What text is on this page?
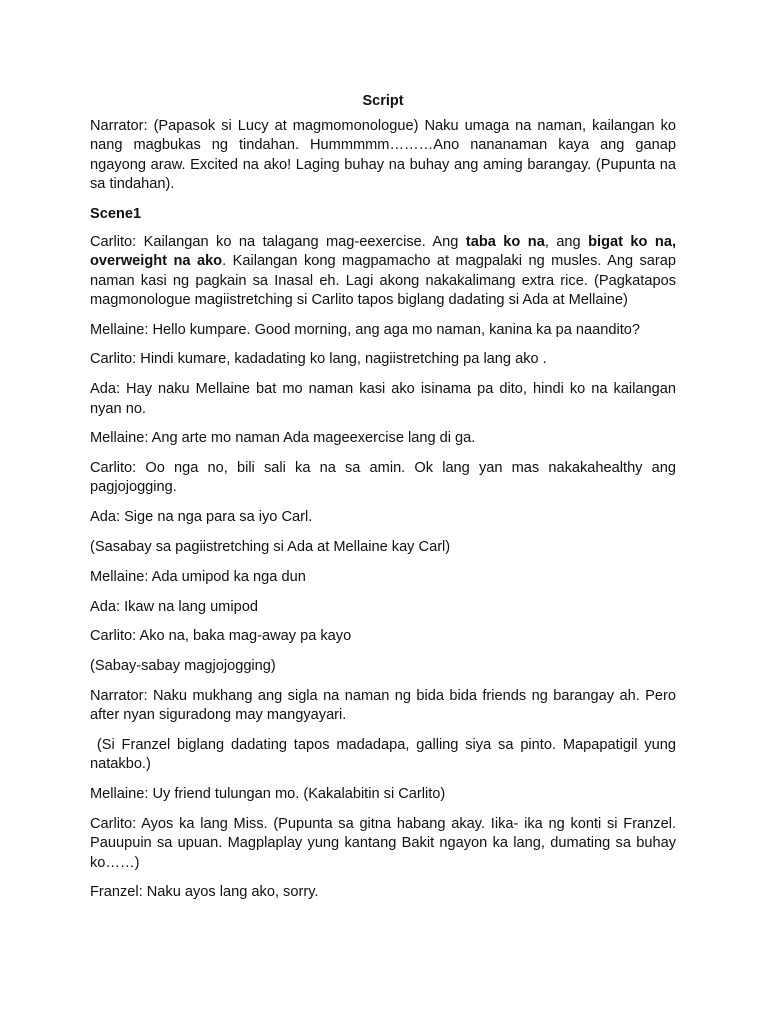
Script

Narrator: (Papasok si Lucy at magmomonologue) Naku umaga na naman, kailangan ko nang magbukas ng tindahan. Hummmmm………Ano nananaman kaya ang ganap ngayong araw. Excited na ako! Laging buhay na buhay ang aming barangay. (Pupunta na sa tindahan).

Scene1

Carlito: Kailangan ko na talagang mag-eexercise. Ang taba ko na, ang bigat ko na, overweight na ako. Kailangan kong magpamacho at magpalaki ng musles. Ang sarap naman kasi ng pagkain sa Inasal eh. Lagi akong nakakalimang extra rice. (Pagkatapos magmonologue magiistretching si Carlito tapos biglang dadating si Ada at Mellaine)

Mellaine: Hello kumpare. Good morning, ang aga mo naman, kanina ka pa naandito?

Carlito: Hindi kumare, kadadating ko lang, nagiistretching pa lang ako .

Ada: Hay naku Mellaine bat mo naman kasi ako isinama pa dito, hindi ko na kailangan nyan no.

Mellaine: Ang arte mo naman Ada mageexercise lang di ga.

Carlito: Oo nga no, bili sali ka na sa amin. Ok lang yan mas nakakahealthy ang pagjojogging.

Ada: Sige na nga para sa iyo Carl.

(Sasabay sa pagiistretching si Ada at Mellaine kay Carl)

Mellaine: Ada umipod ka nga dun

Ada: Ikaw na lang umipod

Carlito: Ako na, baka mag-away pa kayo

(Sabay-sabay magjojogging)

Narrator: Naku mukhang ang sigla na naman ng bida bida friends ng barangay ah. Pero after nyan siguradong may mangyayari.

(Si Franzel biglang dadating tapos madadapa, galling siya sa pinto. Mapapatigil yung natakbo.)

Mellaine: Uy friend tulungan mo. (Kakalabitin si Carlito)

Carlito: Ayos ka lang Miss. (Pupunta sa gitna habang akay. Iika- ika ng konti si Franzel. Pauupuin sa upuan. Magplaplay yung kantang Bakit ngayon ka lang, dumating sa buhay ko……)

Franzel: Naku ayos lang ako, sorry.
